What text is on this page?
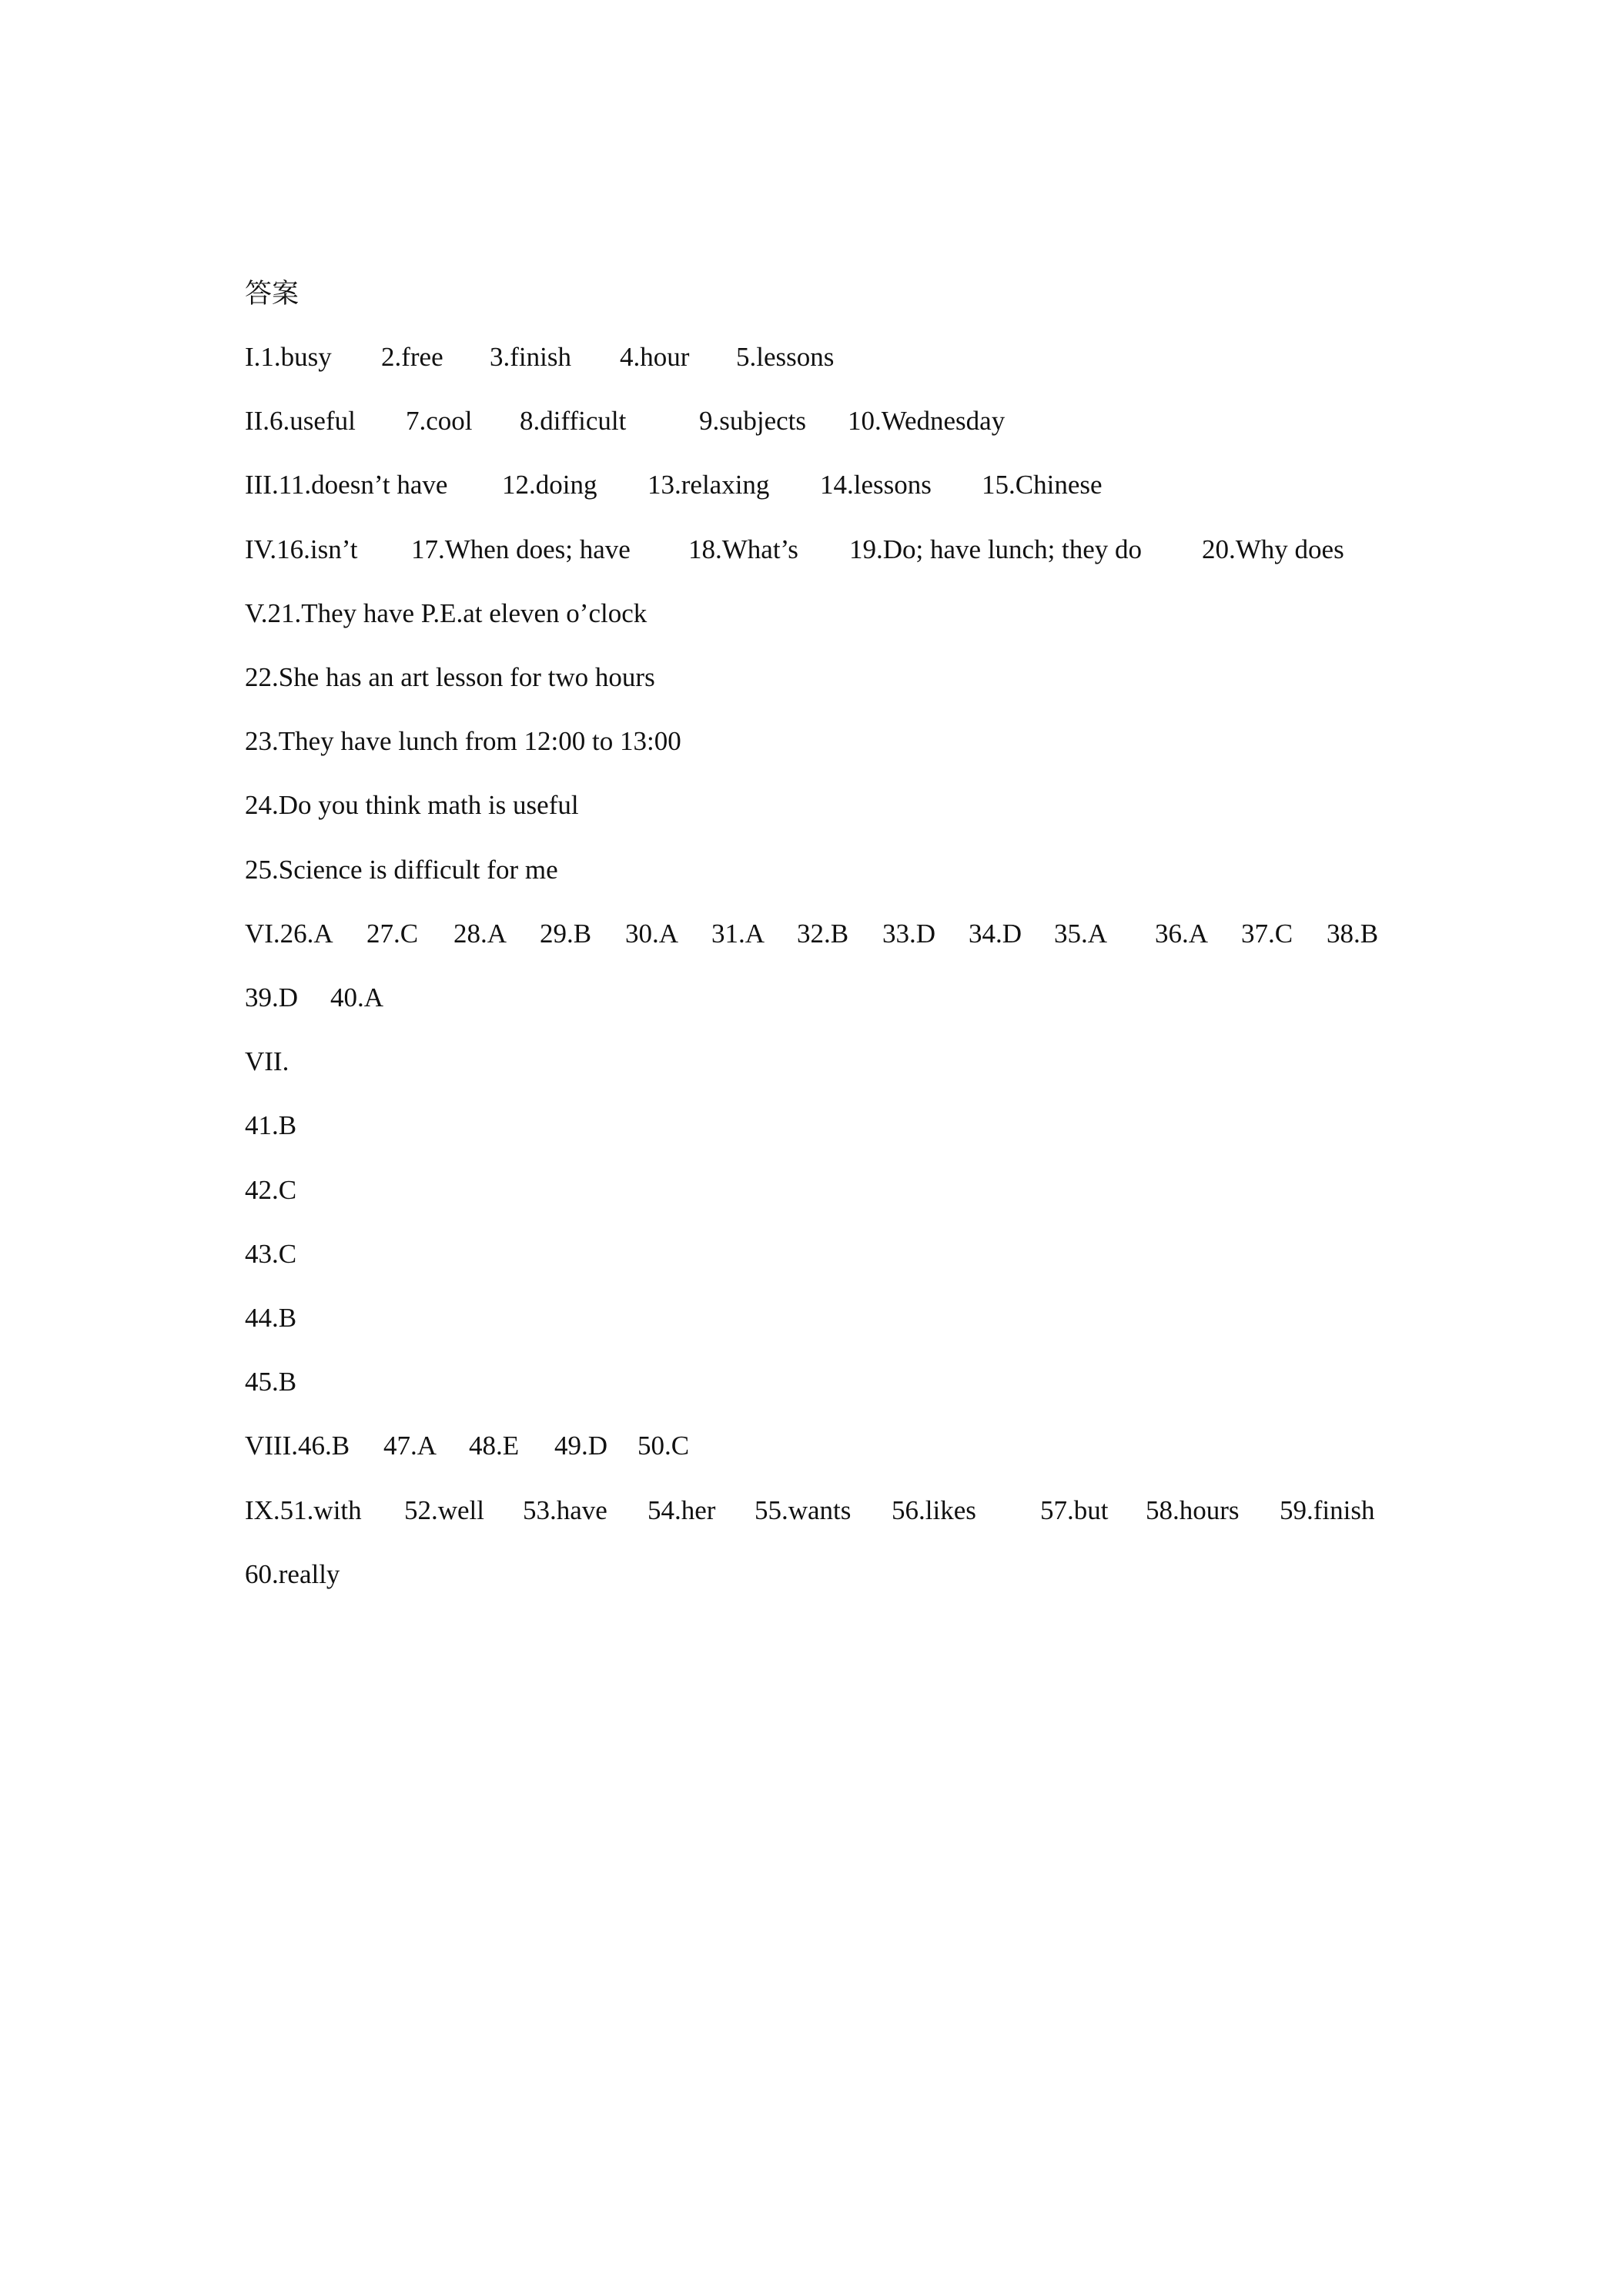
答案
I.1.busy 2.free 3.finish 4.hour 5.lessons
II.6.useful 7.cool 8.difficult	9.subjects 10.Wednesday
III.11.doesn’t have 12.doing 13.relaxing 14.lessons 15.Chinese
IV.16.isn’t 17.When does; have 18.What’s 19.Do; have lunch; they do 20.Why does
V.21.They have P.E.at eleven o’clock
22.She has an art lesson for two hours
23.They have lunch from 12:00 to 13:00
24.Do you think math is useful
25.Science is difficult for me
VI.26.A 27.C 28.A 29.B 30.A 31.A 32.B 33.D 34.D 35.A 36.A 37.C 38.B
39.D 40.A
VII.
41.B
42.C
43.C
44.B
45.B
VIII.46.B 47.A 48.E 49.D 50.C
IX.51.with 52.well 53.have 54.her 55.wants 56.likes 57.but 58.hours 59.finish
60.really
